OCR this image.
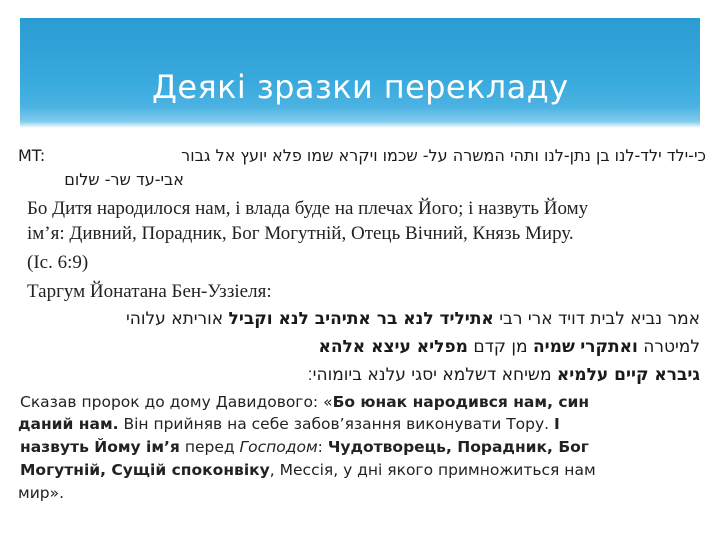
Деякі зразки перекладу
MT:	כי-ילד ילד-לנו בן נתן-לנו ותהי המשרה על- שכמו ויקרא שמו פלא יועץ אל גבור
אבי-עד שר- שלום
Бо Дитя народилося нам, і влада буде на плечах Його; і назвуть Йому
ім’я: Дивний, Порадник, Бог Могутній, Отець Вічний, Князь Миру.
(Іс. 6:9)
Таргум Йонатана Бен-Уззіеля:
אמר נביא לבית דויד ארי רבי אתיליד לנא בר אתיהיב לנא וקביל אוריתא עלוהי
למיטרה ואתקרי שמיה מן קדם מפליא עיצא אלהא
גיברא קיים עלמיא משיחא דשלמא יסגי עלנא ביומוהי׃
Сказав пророк до дому Давидового: «Бо юнак народився нам, син
даний нам. Він прийняв на себе забов’язання виконувати Тору. І
назвуть Йому ім’я перед Господом: Чудотворець, Порадник, Бог
Могутній, Сущій споконвіку, Мессія, у дні якого примножиться нам
мир».
